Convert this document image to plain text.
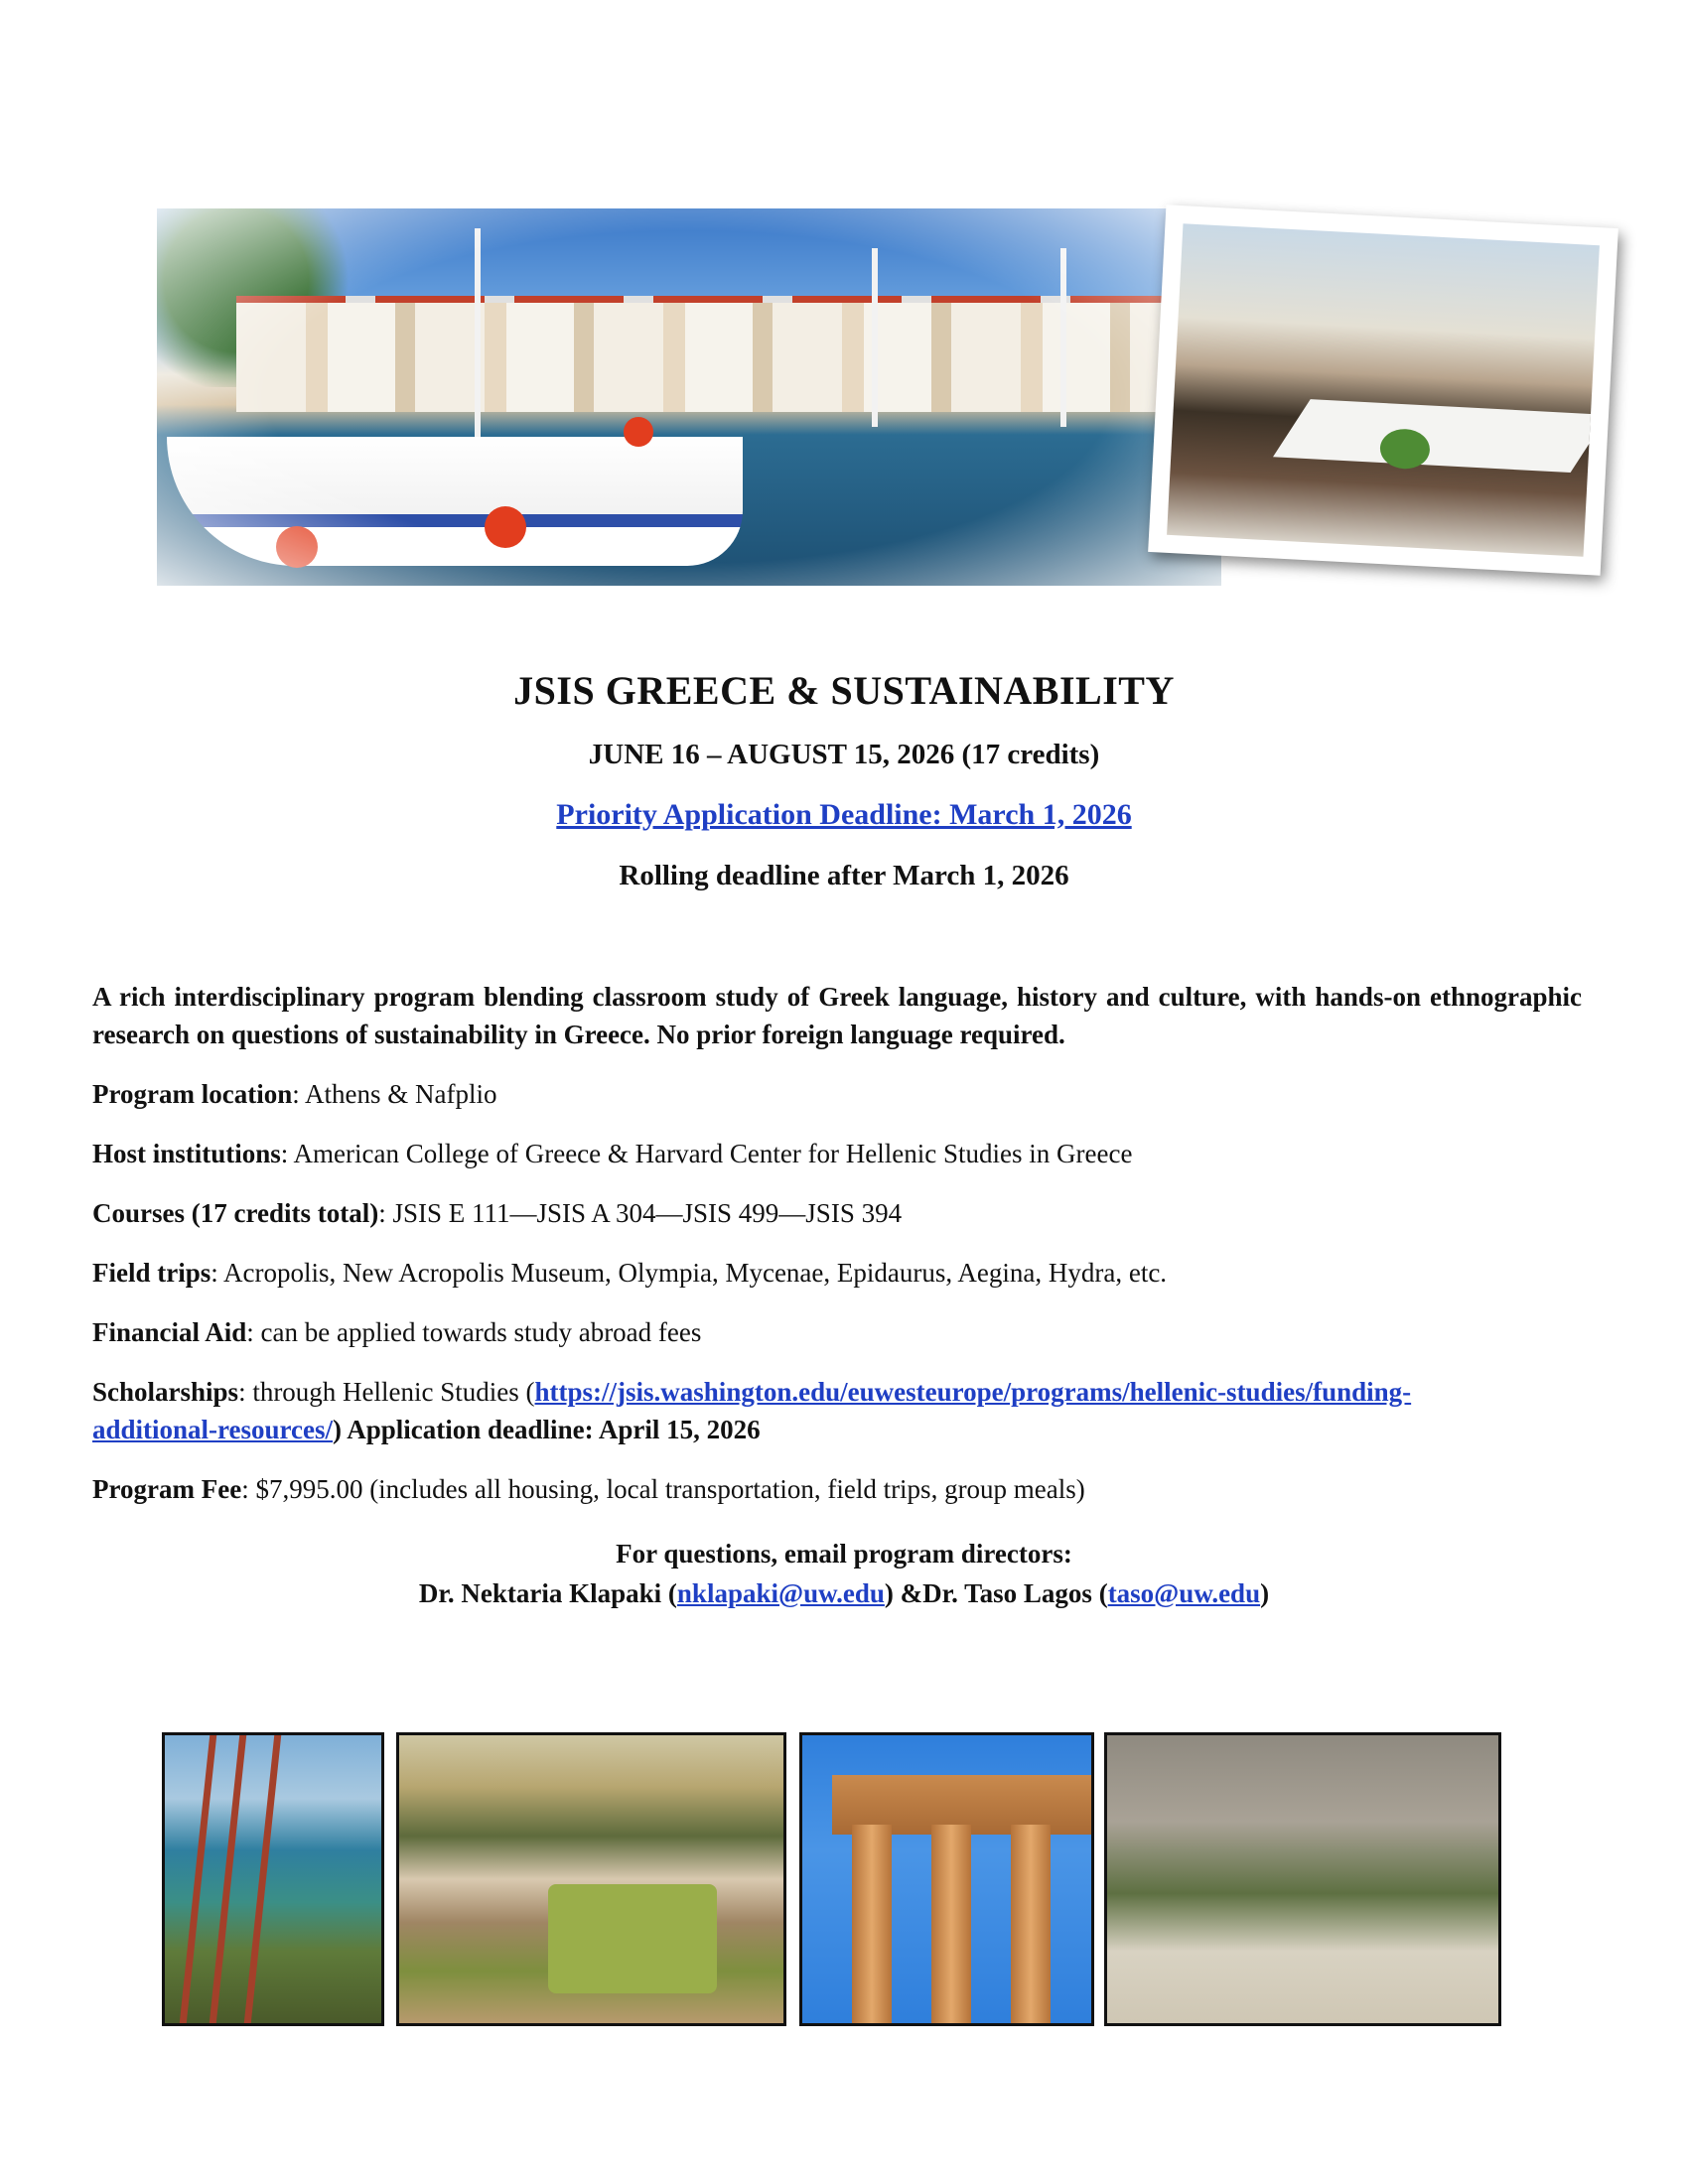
JSIS GREECE & SUSTAINABILITY
JUNE 16 – AUGUST 15, 2026 (17 credits)
Priority Application Deadline: March 1, 2026
Rolling deadline after March 1, 2026
A rich interdisciplinary program blending classroom study of Greek language, history and culture, with hands-on ethnographic research on questions of sustainability in Greece. No prior foreign language required.
Program location: Athens & Nafplio
Host institutions: American College of Greece & Harvard Center for Hellenic Studies in Greece
Courses (17 credits total): JSIS E 111—JSIS A 304—JSIS 499—JSIS 394
Field trips: Acropolis, New Acropolis Museum, Olympia, Mycenae, Epidaurus, Aegina, Hydra, etc.
Financial Aid: can be applied towards study abroad fees
Scholarships: through Hellenic Studies (https://jsis.washington.edu/euwesteurope/programs/hellenic-studies/funding-
additional-resources/) Application deadline: April 15, 2026
Program Fee: $7,995.00 (includes all housing, local transportation, field trips, group meals)
For questions, email program directors:
Dr. Nektaria Klapaki (nklapaki@uw.edu) &Dr. Taso Lagos (taso@uw.edu)
